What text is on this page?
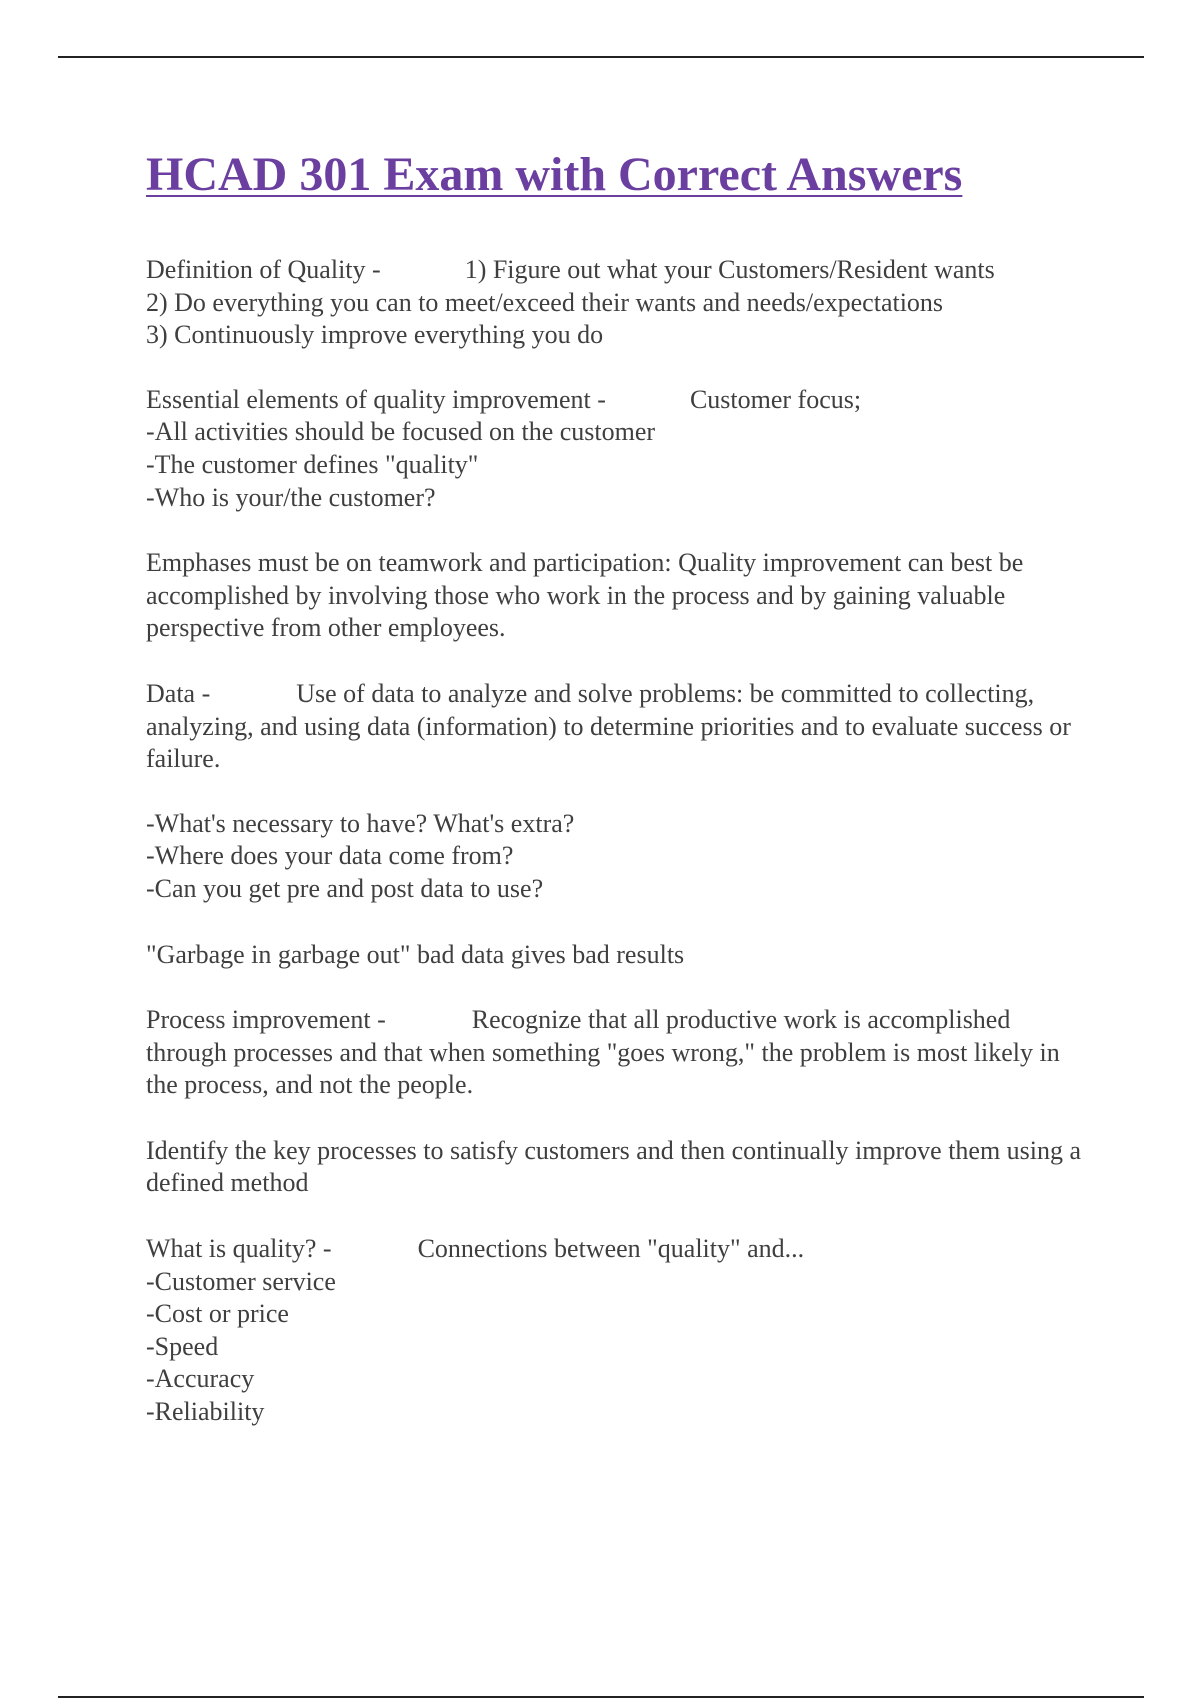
HCAD 301 Exam with Correct Answers
Definition of Quality -	1) Figure out what your Customers/Resident wants
2) Do everything you can to meet/exceed their wants and needs/expectations
3) Continuously improve everything you do
Essential elements of quality improvement -	Customer focus;
-All activities should be focused on the customer
-The customer defines "quality"
-Who is your/the customer?
Emphases must be on teamwork and participation: Quality improvement can best be accomplished by involving those who work in the process and by gaining valuable perspective from other employees.
Data -	Use of data to analyze and solve problems: be committed to collecting, analyzing, and using data (information) to determine priorities and to evaluate success or failure.
-What's necessary to have? What's extra?
-Where does your data come from?
-Can you get pre and post data to use?
"Garbage in garbage out" bad data gives bad results
Process improvement -	Recognize that all productive work is accomplished through processes and that when something "goes wrong," the problem is most likely in the process, and not the people.
Identify the key processes to satisfy customers and then continually improve them using a defined method
What is quality? -	Connections between "quality" and...
-Customer service
-Cost or price
-Speed
-Accuracy
-Reliability
